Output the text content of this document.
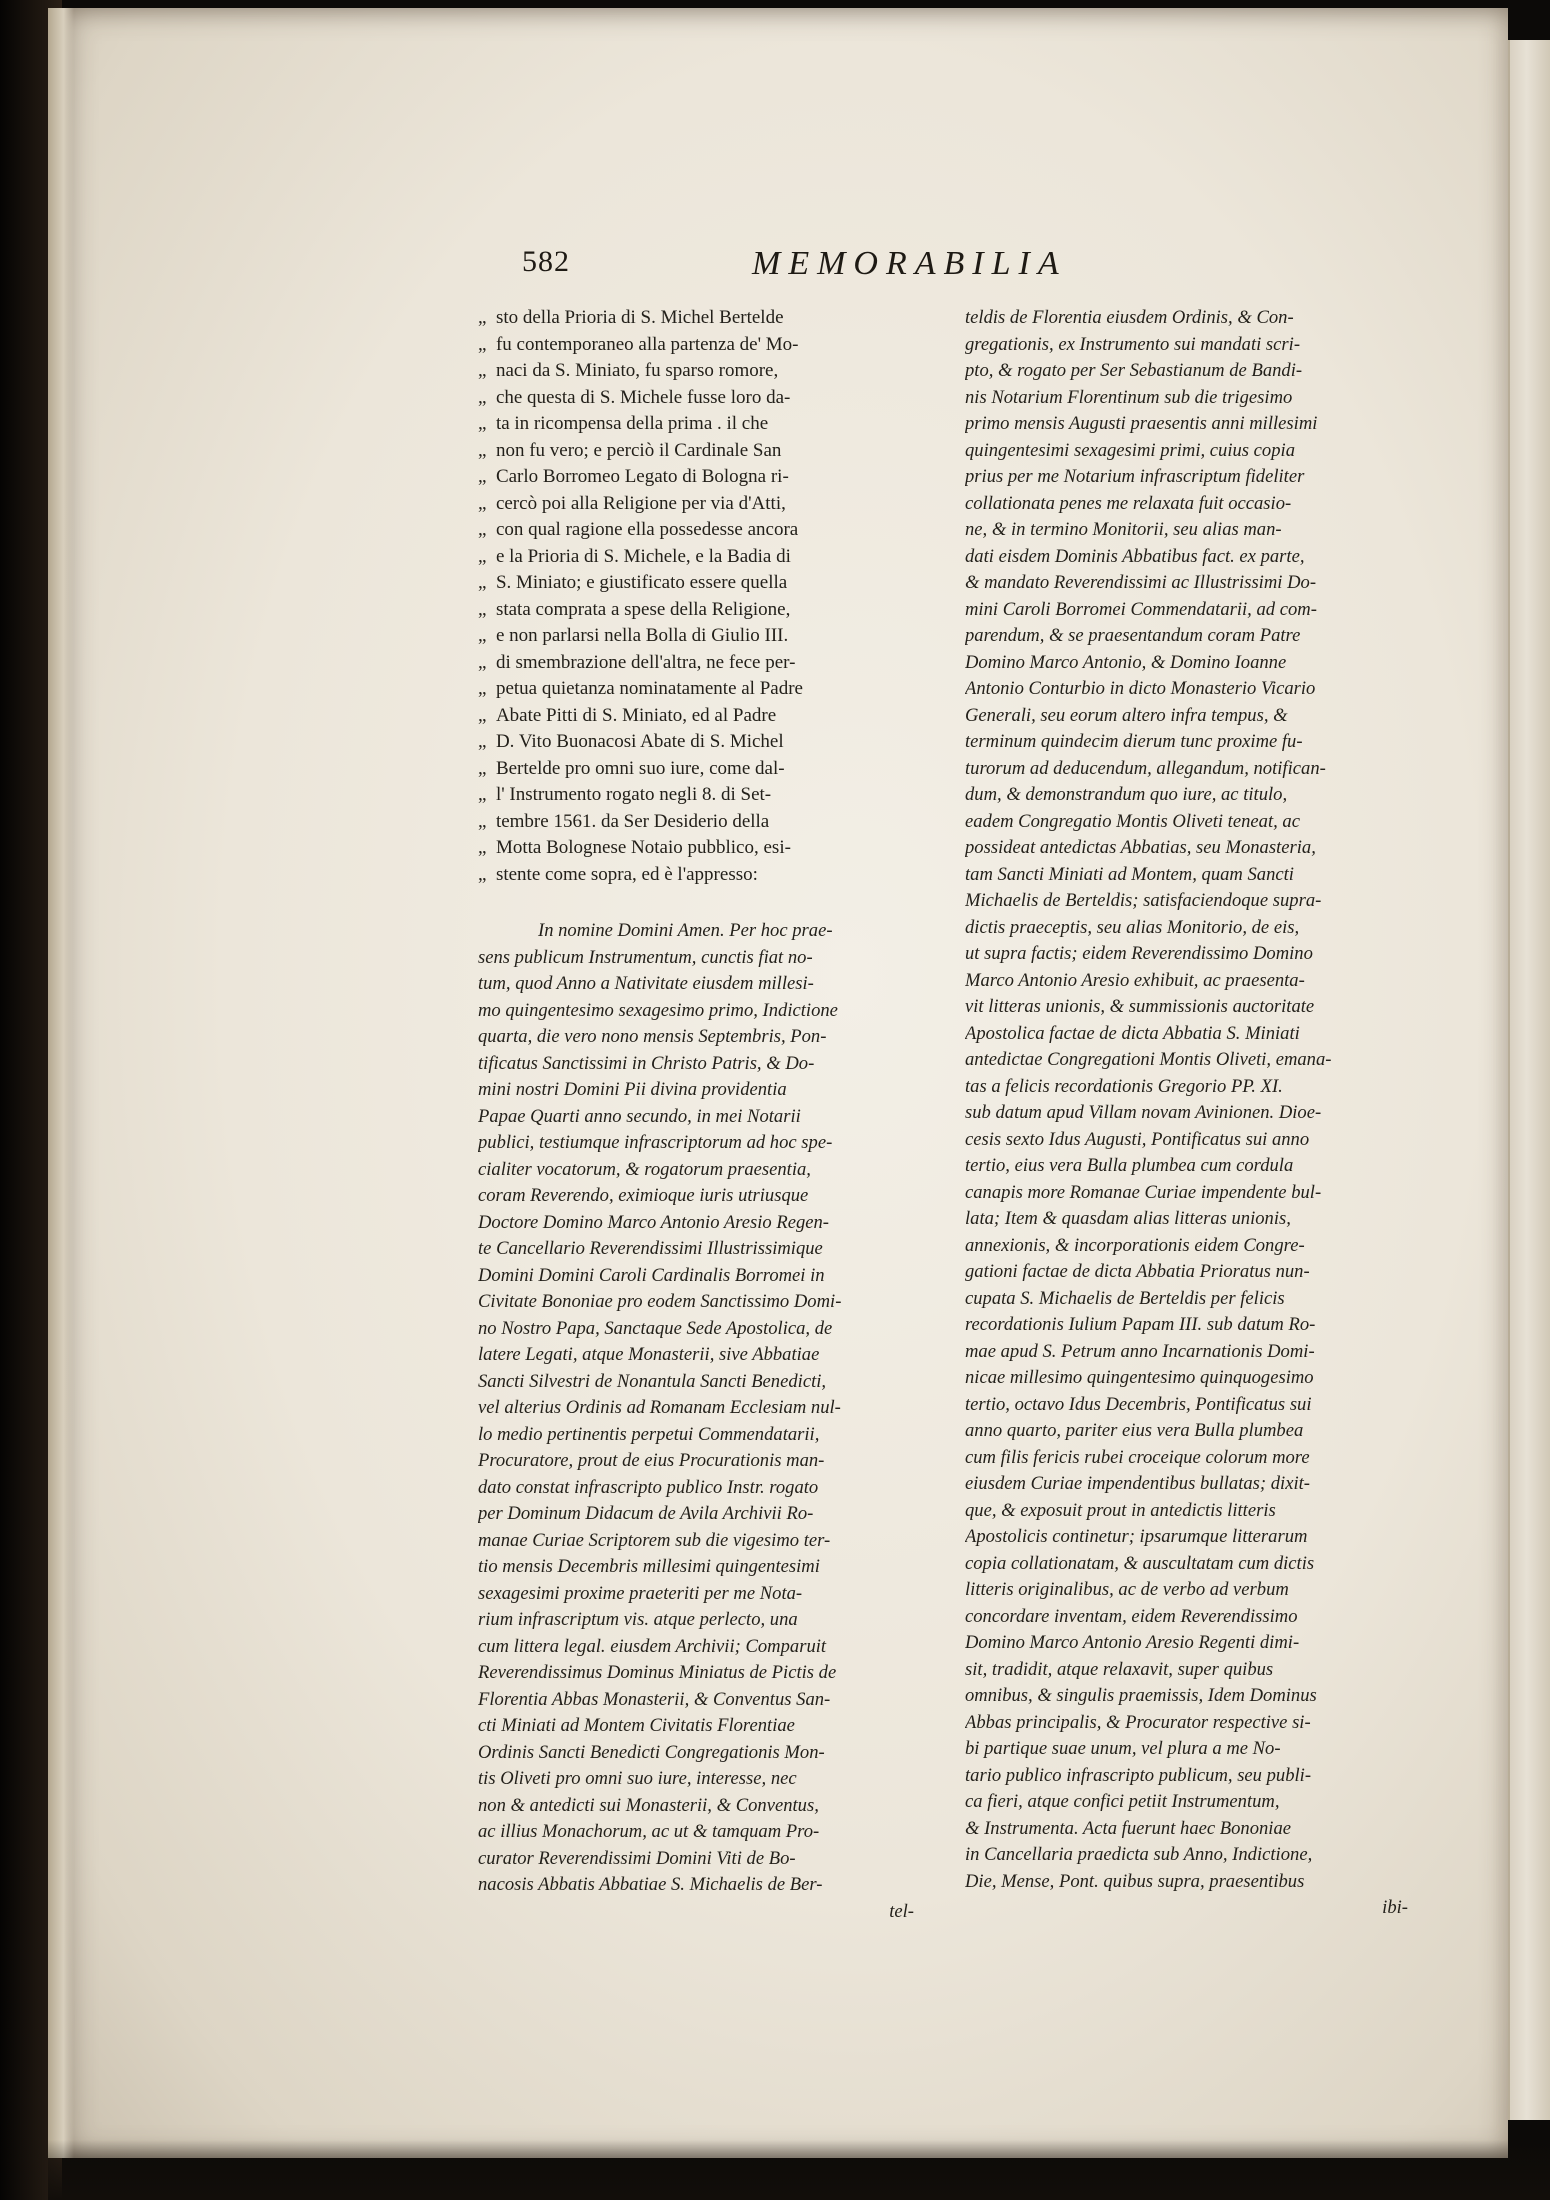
582	MEMORABILIA
„  sto della Prioria di S. Michel Bertelde
„  fu contemporaneo alla partenza de' Mo-
„  naci da S. Miniato, fu sparso romore,
„  che questa di S. Michele fusse loro da-
„  ta in ricompensa della prima . il che
„  non fu vero; e perciò il Cardinale San
„  Carlo Borromeo Legato di Bologna ri-
„  cercò poi alla Religione per via d'Atti,
„  con qual ragione ella possedesse ancora
„  e la Prioria di S. Michele, e la Badia di
„  S. Miniato; e giustificato essere quella
„  stata comprata a spese della Religione,
„  e non parlarsi nella Bolla di Giulio III.
„  di smembrazione dell'altra, ne fece per-
„  petua quietanza nominatamente al Padre
„  Abate Pitti di S. Miniato, ed al Padre
„  D. Vito Buonacosi Abate di S. Michel
„  Bertelde pro omni suo iure, come dal-
„  l' Instrumento rogato negli 8. di Set-
„  tembre 1561. da Ser Desiderio della
„  Motta Bolognese Notaio pubblico, esi-
„  stente come sopra, ed è l'appresso:
In nomine Domini Amen. Per hoc prae-
sens publicum Instrumentum, cunctis fiat no-
tum, quod Anno a Nativitate eiusdem millesi-
mo quingentesimo sexagesimo primo, Indictione
quarta, die vero nono mensis Septembris, Pon-
tificatus Sanctissimi in Christo Patris, & Do-
mini nostri Domini Pii divina providentia
Papae Quarti anno secundo, in mei Notarii
publici, testiumque infrascriptorum ad hoc spe-
cialiter vocatorum, & rogatorum praesentia,
coram Reverendo, eximioque iuris utriusque
Doctore Domino Marco Antonio Aresio Regen-
te Cancellario Reverendissimi Illustrissimique
Domini Domini Caroli Cardinalis Borromei in
Civitate Bononiae pro eodem Sanctissimo Domi-
no Nostro Papa, Sanctaque Sede Apostolica, de
latere Legati, atque Monasterii, sive Abbatiae
Sancti Silvestri de Nonantula Sancti Benedicti,
vel alterius Ordinis ad Romanam Ecclesiam nul-
lo medio pertinentis perpetui Commendatarii,
Procuratore, prout de eius Procurationis man-
dato constat infrascripto publico Instr. rogato
per Dominum Didacum de Avila Archivii Ro-
manae Curiae Scriptorem sub die vigesimo ter-
tio mensis Decembris millesimi quingentesimi
sexagesimi proxime praeteriti per me Nota-
rium infrascriptum vis. atque perlecto, una
cum littera legal. eiusdem Archivii; Comparuit
Reverendissimus Dominus Miniatus de Pictis de
Florentia Abbas Monasterii, & Conventus San-
cti Miniati ad Montem Civitatis Florentiae
Ordinis Sancti Benedicti Congregationis Mon-
tis Oliveti pro omni suo iure, interesse, nec
non & antedicti sui Monasterii, & Conventus,
ac illius Monachorum, ac ut & tamquam Pro-
curator Reverendissimi Domini Viti de Bo-
nacosis Abbatis Abbatiae S. Michaelis de Ber-
tel-
teldis de Florentia eiusdem Ordinis, & Con-
gregationis, ex Instrumento sui mandati scri-
pto, & rogato per Ser Sebastianum de Bandi-
nis Notarium Florentinum sub die trigesimo
primo mensis Augusti praesentis anni millesimi
quingentesimi sexagesimi primi, cuius copia
prius per me Notarium infrascriptum fideliter
collationata penes me relaxata fuit occasio-
ne, & in termino Monitorii, seu alias man-
dati eisdem Dominis Abbatibus fact. ex parte,
& mandato Reverendissimi ac Illustrissimi Do-
mini Caroli Borromei Commendatarii, ad com-
parendum, & se praesentandum coram Patre
Domino Marco Antonio, & Domino Ioanne
Antonio Conturbio in dicto Monasterio Vicario
Generali, seu eorum altero infra tempus, &
terminum quindecim dierum tunc proxime fu-
turorum ad deducendum, allegandum, notifican-
dum, & demonstrandum quo iure, ac titulo,
eadem Congregatio Montis Oliveti teneat, ac
possideat antedictas Abbatias, seu Monasteria,
tam Sancti Miniati ad Montem, quam Sancti
Michaelis de Berteldis; satisfaciendoque supra-
dictis praeceptis, seu alias Monitorio, de eis,
ut supra factis; eidem Reverendissimo Domino
Marco Antonio Aresio exhibuit, ac praesenta-
vit litteras unionis, & summissionis auctoritate
Apostolica factae de dicta Abbatia S. Miniati
antedictae Congregationi Montis Oliveti, emana-
tas a felicis recordationis Gregorio PP. XI.
sub datum apud Villam novam Avinionen. Dioe-
cesis sexto Idus Augusti, Pontificatus sui anno
tertio, eius vera Bulla plumbea cum cordula
canapis more Romanae Curiae impendente bul-
lata; Item & quasdam alias litteras unionis,
annexionis, & incorporationis eidem Congre-
gationi factae de dicta Abbatia Prioratus nun-
cupata S. Michaelis de Berteldis per felicis
recordationis Iulium Papam III. sub datum Ro-
mae apud S. Petrum anno Incarnationis Domi-
nicae millesimo quingentesimo quinquogesimo
tertio, octavo Idus Decembris, Pontificatus sui
anno quarto, pariter eius vera Bulla plumbea
cum filis fericis rubei croceique colorum more
eiusdem Curiae impendentibus bullatas; dixit-
que, & exposuit prout in antedictis litteris
Apostolicis continetur; ipsarumque litterarum
copia collationatam, & auscultatam cum dictis
litteris originalibus, ac de verbo ad verbum
concordare inventam, eidem Reverendissimo
Domino Marco Antonio Aresio Regenti dimi-
sit, tradidit, atque relaxavit, super quibus
omnibus, & singulis praemissis, Idem Dominus
Abbas principalis, & Procurator respective si-
bi partique suae unum, vel plura a me No-
tario publico infrascripto publicum, seu publi-
ca fieri, atque confici petiit Instrumentum,
& Instrumenta. Acta fuerunt haec Bononiae
in Cancellaria praedicta sub Anno, Indictione,
Die, Mense, Pont. quibus supra, praesentibus
ibi-
